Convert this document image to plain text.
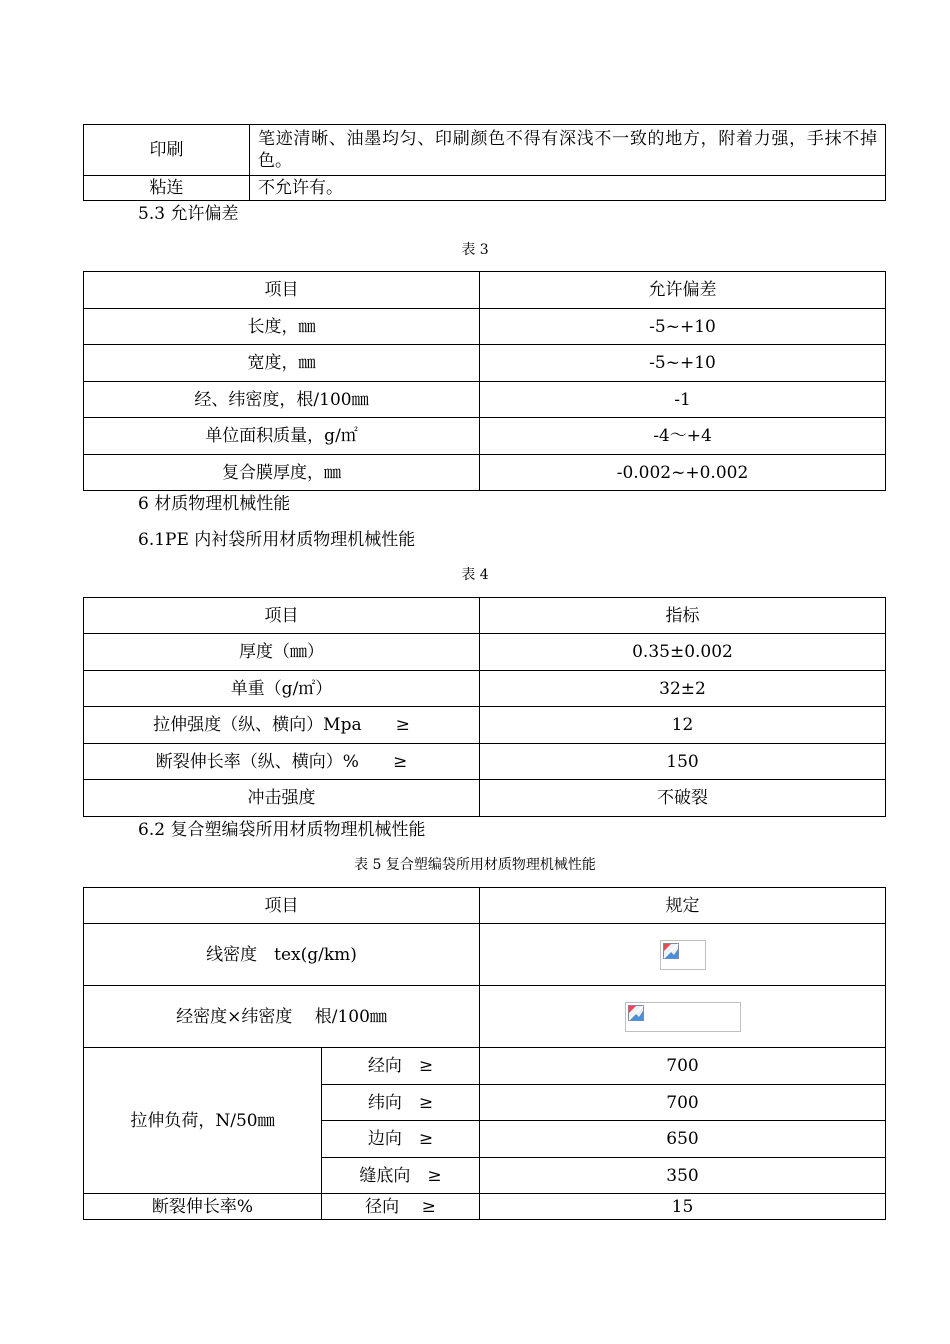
印刷	笔迹清晰、油墨均匀、印刷颜色不得有深浅不一致的地方，附着力强，手抹不掉色。
粘连	不允许有。
5.3 允许偏差
表 3
项目	允许偏差
长度，㎜	-5~+10
宽度，㎜	-5~+10
经、纬密度，根/100㎜	-1
单位面积质量，g/㎡	-4～+4
复合膜厚度，㎜	-0.002~+0.002
6 材质物理机械性能
6.1PE 内衬袋所用材质物理机械性能
表 4
项目	指标
厚度（㎜）	0.35±0.002
单重（g/㎡）	32±2
拉伸强度（纵、横向）Mpa　　≥	12
断裂伸长率（纵、横向）%　　≥	150
冲击强度	不破裂
6.2 复合塑编袋所用材质物理机械性能
表 5 复合塑编袋所用材质物理机械性能
项目		规定
线密度　tex(g/km)	

经密度×纬密度　 根/100㎜	

拉伸负荷，N/50㎜	经向　≥	700
	纬向　≥	700
	边向　≥	650
	缝底向　≥	350
断裂伸长率%	径向　 ≥	15
